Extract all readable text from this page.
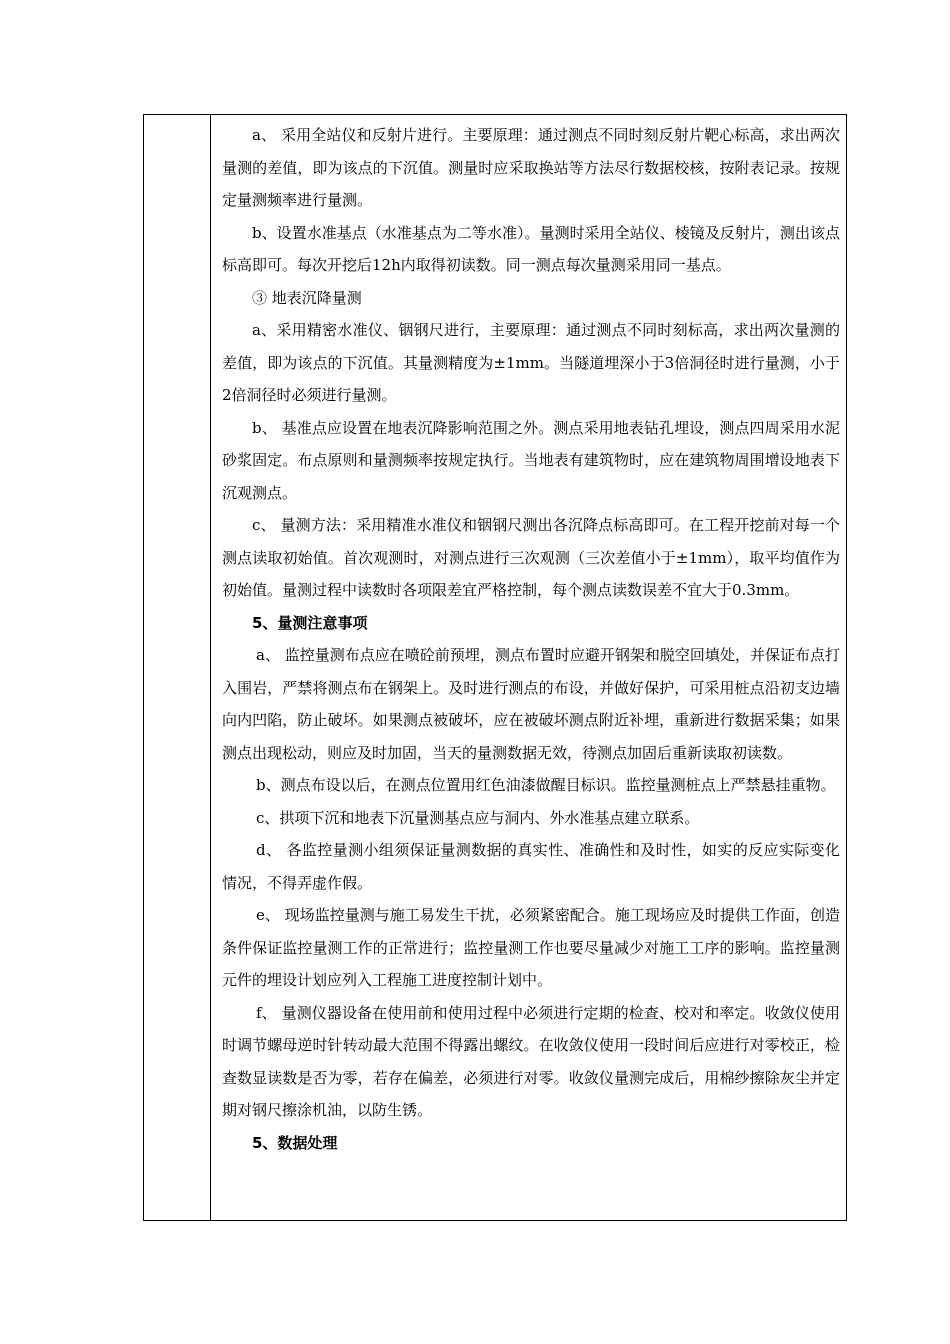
a、 采用全站仪和反射片进行。主要原理：通过测点不同时刻反射片靶心标高，求出两次量测的差值，即为该点的下沉值。测量时应采取换站等方法尽行数据校核，按附表记录。按规定量测频率进行量测。

b、设置水准基点（水准基点为二等水准）。量测时采用全站仪、棱镜及反射片，测出该点标高即可。每次开挖后12h内取得初读数。同一测点每次量测采用同一基点。

③ 地表沉降量测

a、采用精密水准仪、铟钢尺进行，主要原理：通过测点不同时刻标高，求出两次量测的差值，即为该点的下沉值。其量测精度为±1mm。当隧道埋深小于3倍洞径时进行量测，小于2倍洞径时必须进行量测。

b、 基准点应设置在地表沉降影响范围之外。测点采用地表钻孔埋设，测点四周采用水泥砂浆固定。布点原则和量测频率按规定执行。当地表有建筑物时，应在建筑物周围增设地表下沉观测点。

c、 量测方法：采用精准水准仪和铟钢尺测出各沉降点标高即可。在工程开挖前对每一个测点读取初始值。首次观测时，对测点进行三次观测（三次差值小于±1mm），取平均值作为初始值。量测过程中读数时各项限差宜严格控制，每个测点读数误差不宜大于0.3mm。

5、量测注意事项

a、 监控量测布点应在喷砼前预埋，测点布置时应避开钢架和脱空回填处，并保证布点打入围岩，严禁将测点布在钢架上。及时进行测点的布设，并做好保护，可采用桩点沿初支边墙向内凹陷，防止破坏。如果测点被破坏，应在被破坏测点附近补埋，重新进行数据采集；如果测点出现松动，则应及时加固，当天的量测数据无效，待测点加固后重新读取初读数。

b、测点布设以后，在测点位置用红色油漆做醒目标识。监控量测桩点上严禁悬挂重物。

c、拱项下沉和地表下沉量测基点应与洞内、外水准基点建立联系。

d、 各监控量测小组须保证量测数据的真实性、准确性和及时性，如实的反应实际变化情况，不得弄虚作假。

e、 现场监控量测与施工易发生干扰，必须紧密配合。施工现场应及时提供工作面，创造条件保证监控量测工作的正常进行；监控量测工作也要尽量减少对施工工序的影响。监控量测元件的埋设计划应列入工程施工进度控制计划中。

f、 量测仪器设备在使用前和使用过程中必须进行定期的检查、校对和率定。收敛仪使用时调节螺母逆时针转动最大范围不得露出螺纹。在收敛仪使用一段时间后应进行对零校正，检查数显读数是否为零，若存在偏差，必须进行对零。收敛仪量测完成后，用棉纱擦除灰尘并定期对钢尺擦涂机油，以防生锈。

5、数据处理
